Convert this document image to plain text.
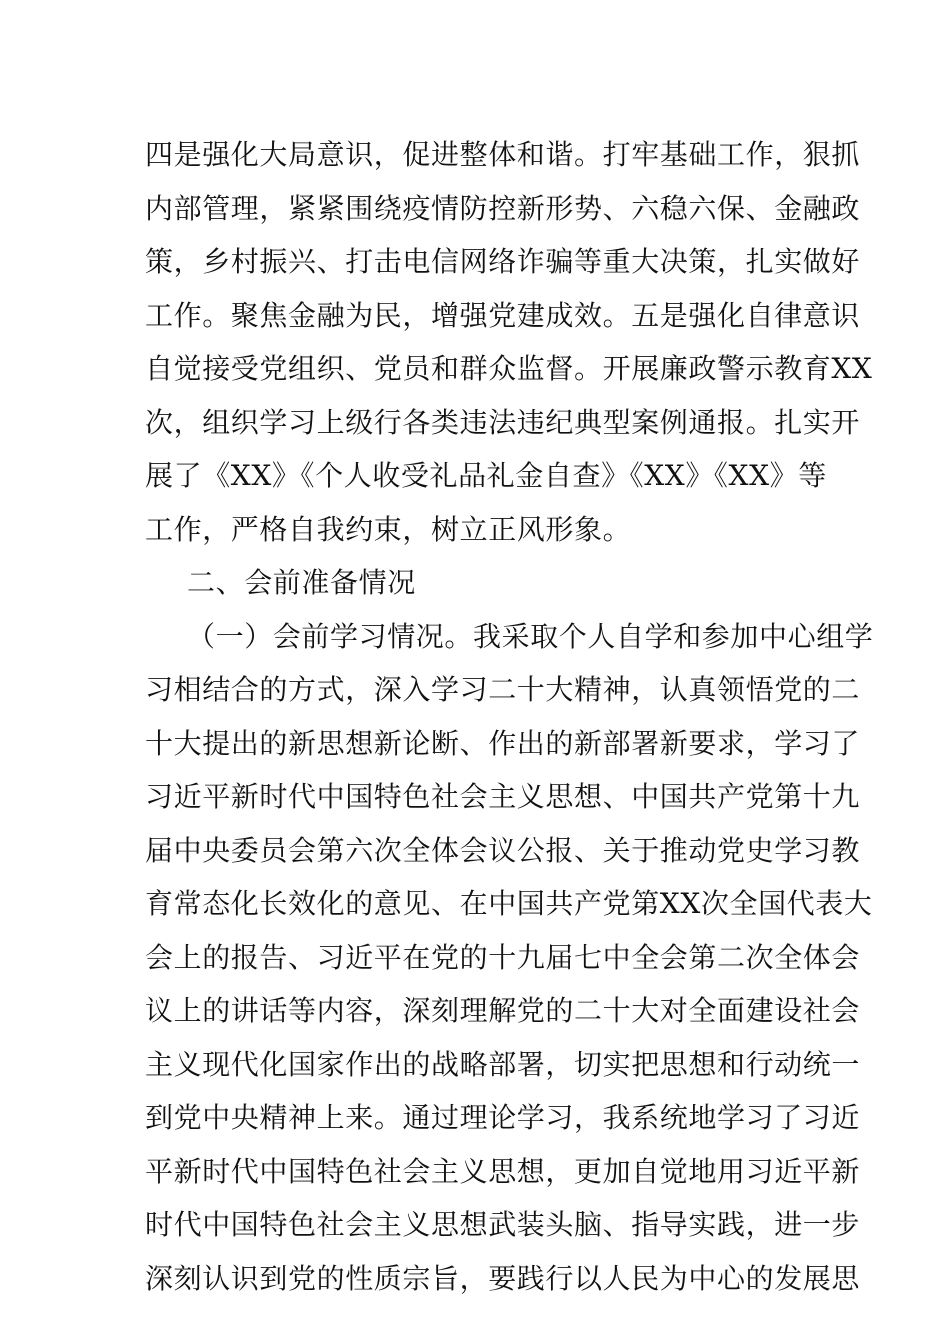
四是强化大局意识，促进整体和谐。打牢基础工作，狠抓
内部管理，紧紧围绕疫情防控新形势、六稳六保、金融政
策，乡村振兴、打击电信网络诈骗等重大决策，扎实做好
工作。聚焦金融为民，增强党建成效。五是强化自律意识
自觉接受党组织、党员和群众监督。开展廉政警示教育XX
次，组织学习上级行各类违法违纪典型案例通报。扎实开
展了《XX》《个人收受礼品礼金自查》《XX》《XX》等
工作，严格自我约束，树立正风形象。
二、会前准备情况
（一）会前学习情况。我采取个人自学和参加中心组学
习相结合的方式，深入学习二十大精神，认真领悟党的二
十大提出的新思想新论断、作出的新部署新要求，学习了
习近平新时代中国特色社会主义思想、中国共产党第十九
届中央委员会第六次全体会议公报、关于推动党史学习教
育常态化长效化的意见、在中国共产党第XX次全国代表大
会上的报告、习近平在党的十九届七中全会第二次全体会
议上的讲话等内容，深刻理解党的二十大对全面建设社会
主义现代化国家作出的战略部署，切实把思想和行动统一
到党中央精神上来。通过理论学习，我系统地学习了习近
平新时代中国特色社会主义思想，更加自觉地用习近平新
时代中国特色社会主义思想武装头脑、指导实践，进一步
深刻认识到党的性质宗旨，要践行以人民为中心的发展思
